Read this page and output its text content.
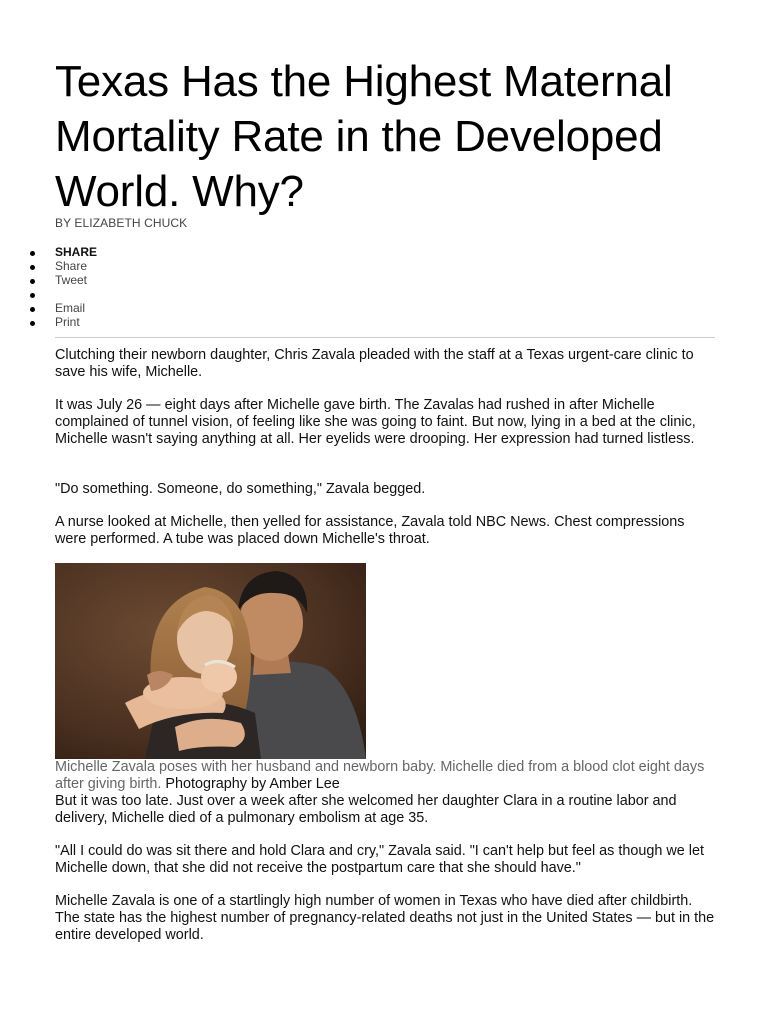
Texas Has the Highest Maternal Mortality Rate in the Developed World. Why?
BY ELIZABETH CHUCK
SHARE
Share
Tweet
Email
Print

Clutching their newborn daughter, Chris Zavala pleaded with the staff at a Texas urgent-care clinic to save his wife, Michelle.

It was July 26 — eight days after Michelle gave birth. The Zavalas had rushed in after Michelle complained of tunnel vision, of feeling like she was going to faint. But now, lying in a bed at the clinic, Michelle wasn't saying anything at all. Her eyelids were drooping. Her expression had turned listless.

"Do something. Someone, do something," Zavala begged.

A nurse looked at Michelle, then yelled for assistance, Zavala told NBC News. Chest compressions were performed. A tube was placed down Michelle's throat.

Michelle Zavala poses with her husband and newborn baby. Michelle died from a blood clot eight days after giving birth. Photography by Amber Lee

But it was too late. Just over a week after she welcomed her daughter Clara in a routine labor and delivery, Michelle died of a pulmonary embolism at age 35.

"All I could do was sit there and hold Clara and cry," Zavala said. "I can't help but feel as though we let Michelle down, that she did not receive the postpartum care that she should have."

Michelle Zavala is one of a startlingly high number of women in Texas who have died after childbirth. The state has the highest number of pregnancy-related deaths not just in the United States — but in the entire developed world.
